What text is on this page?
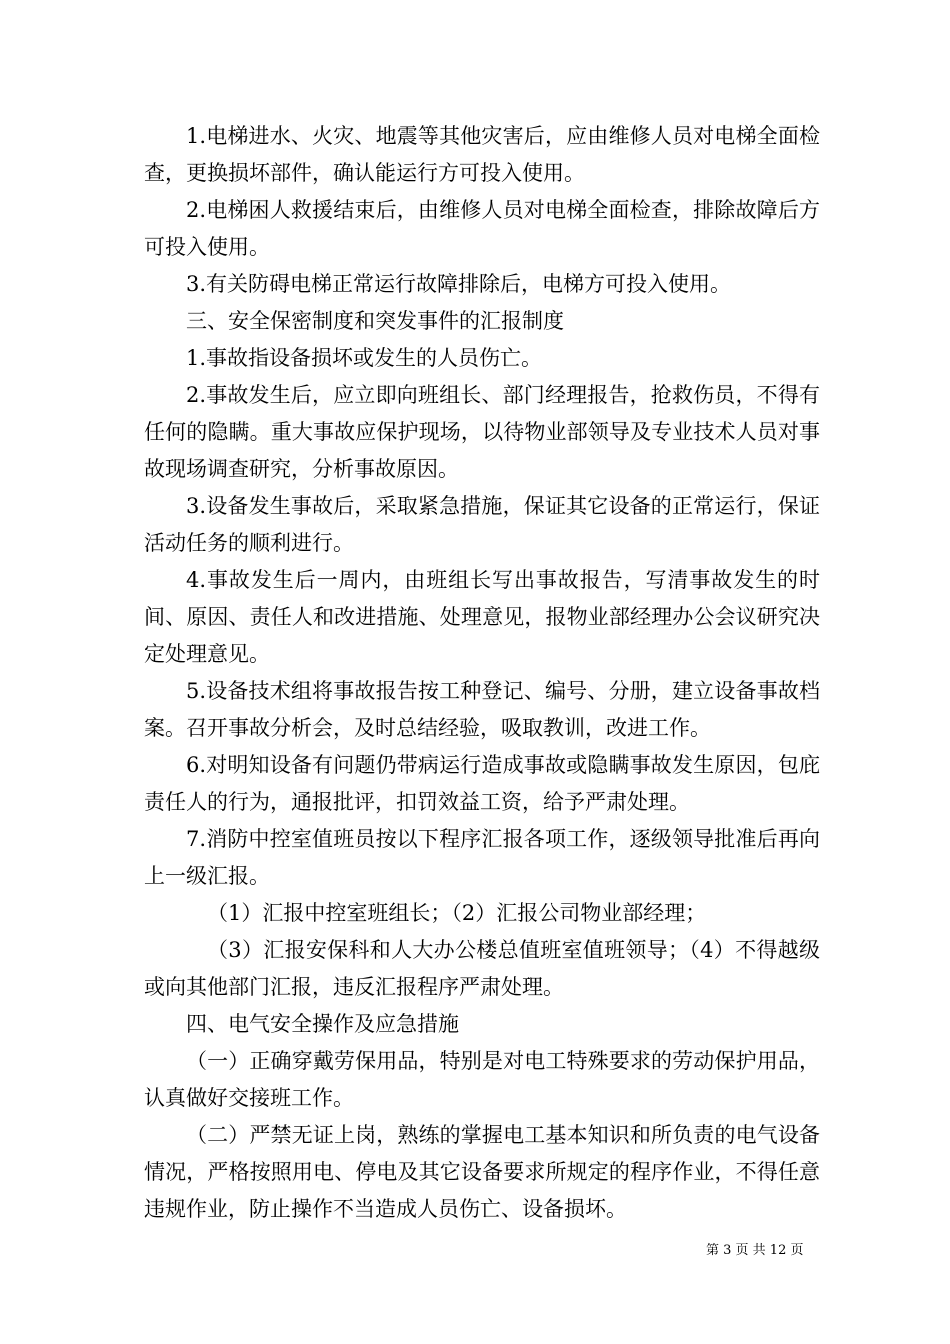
1.电梯进水、火灾、地震等其他灾害后，应由维修人员对电梯全面检查，更换损坏部件，确认能运行方可投入使用。

2.电梯困人救援结束后，由维修人员对电梯全面检查，排除故障后方可投入使用。

3.有关防碍电梯正常运行故障排除后，电梯方可投入使用。

三、安全保密制度和突发事件的汇报制度

1.事故指设备损坏或发生的人员伤亡。

2.事故发生后，应立即向班组长、部门经理报告，抢救伤员，不得有任何的隐瞒。重大事故应保护现场，以待物业部领导及专业技术人员对事故现场调查研究，分析事故原因。

3.设备发生事故后，采取紧急措施，保证其它设备的正常运行，保证活动任务的顺利进行。

4.事故发生后一周内，由班组长写出事故报告，写清事故发生的时间、原因、责任人和改进措施、处理意见，报物业部经理办公会议研究决定处理意见。

5.设备技术组将事故报告按工种登记、编号、分册，建立设备事故档案。召开事故分析会，及时总结经验，吸取教训，改进工作。

6.对明知设备有问题仍带病运行造成事故或隐瞒事故发生原因，包庇责任人的行为，通报批评，扣罚效益工资，给予严肃处理。

7.消防中控室值班员按以下程序汇报各项工作，逐级领导批准后再向上一级汇报。

（1）汇报中控室班组长；（2）汇报公司物业部经理；

（3）汇报安保科和人大办公楼总值班室值班领导；（4）不得越级或向其他部门汇报，违反汇报程序严肃处理。

四、电气安全操作及应急措施

（一）正确穿戴劳保用品，特别是对电工特殊要求的劳动保护用品，认真做好交接班工作。

（二）严禁无证上岗，熟练的掌握电工基本知识和所负责的电气设备情况，严格按照用电、停电及其它设备要求所规定的程序作业，不得任意违规作业，防止操作不当造成人员伤亡、设备损坏。

第 3 页 共 12 页
